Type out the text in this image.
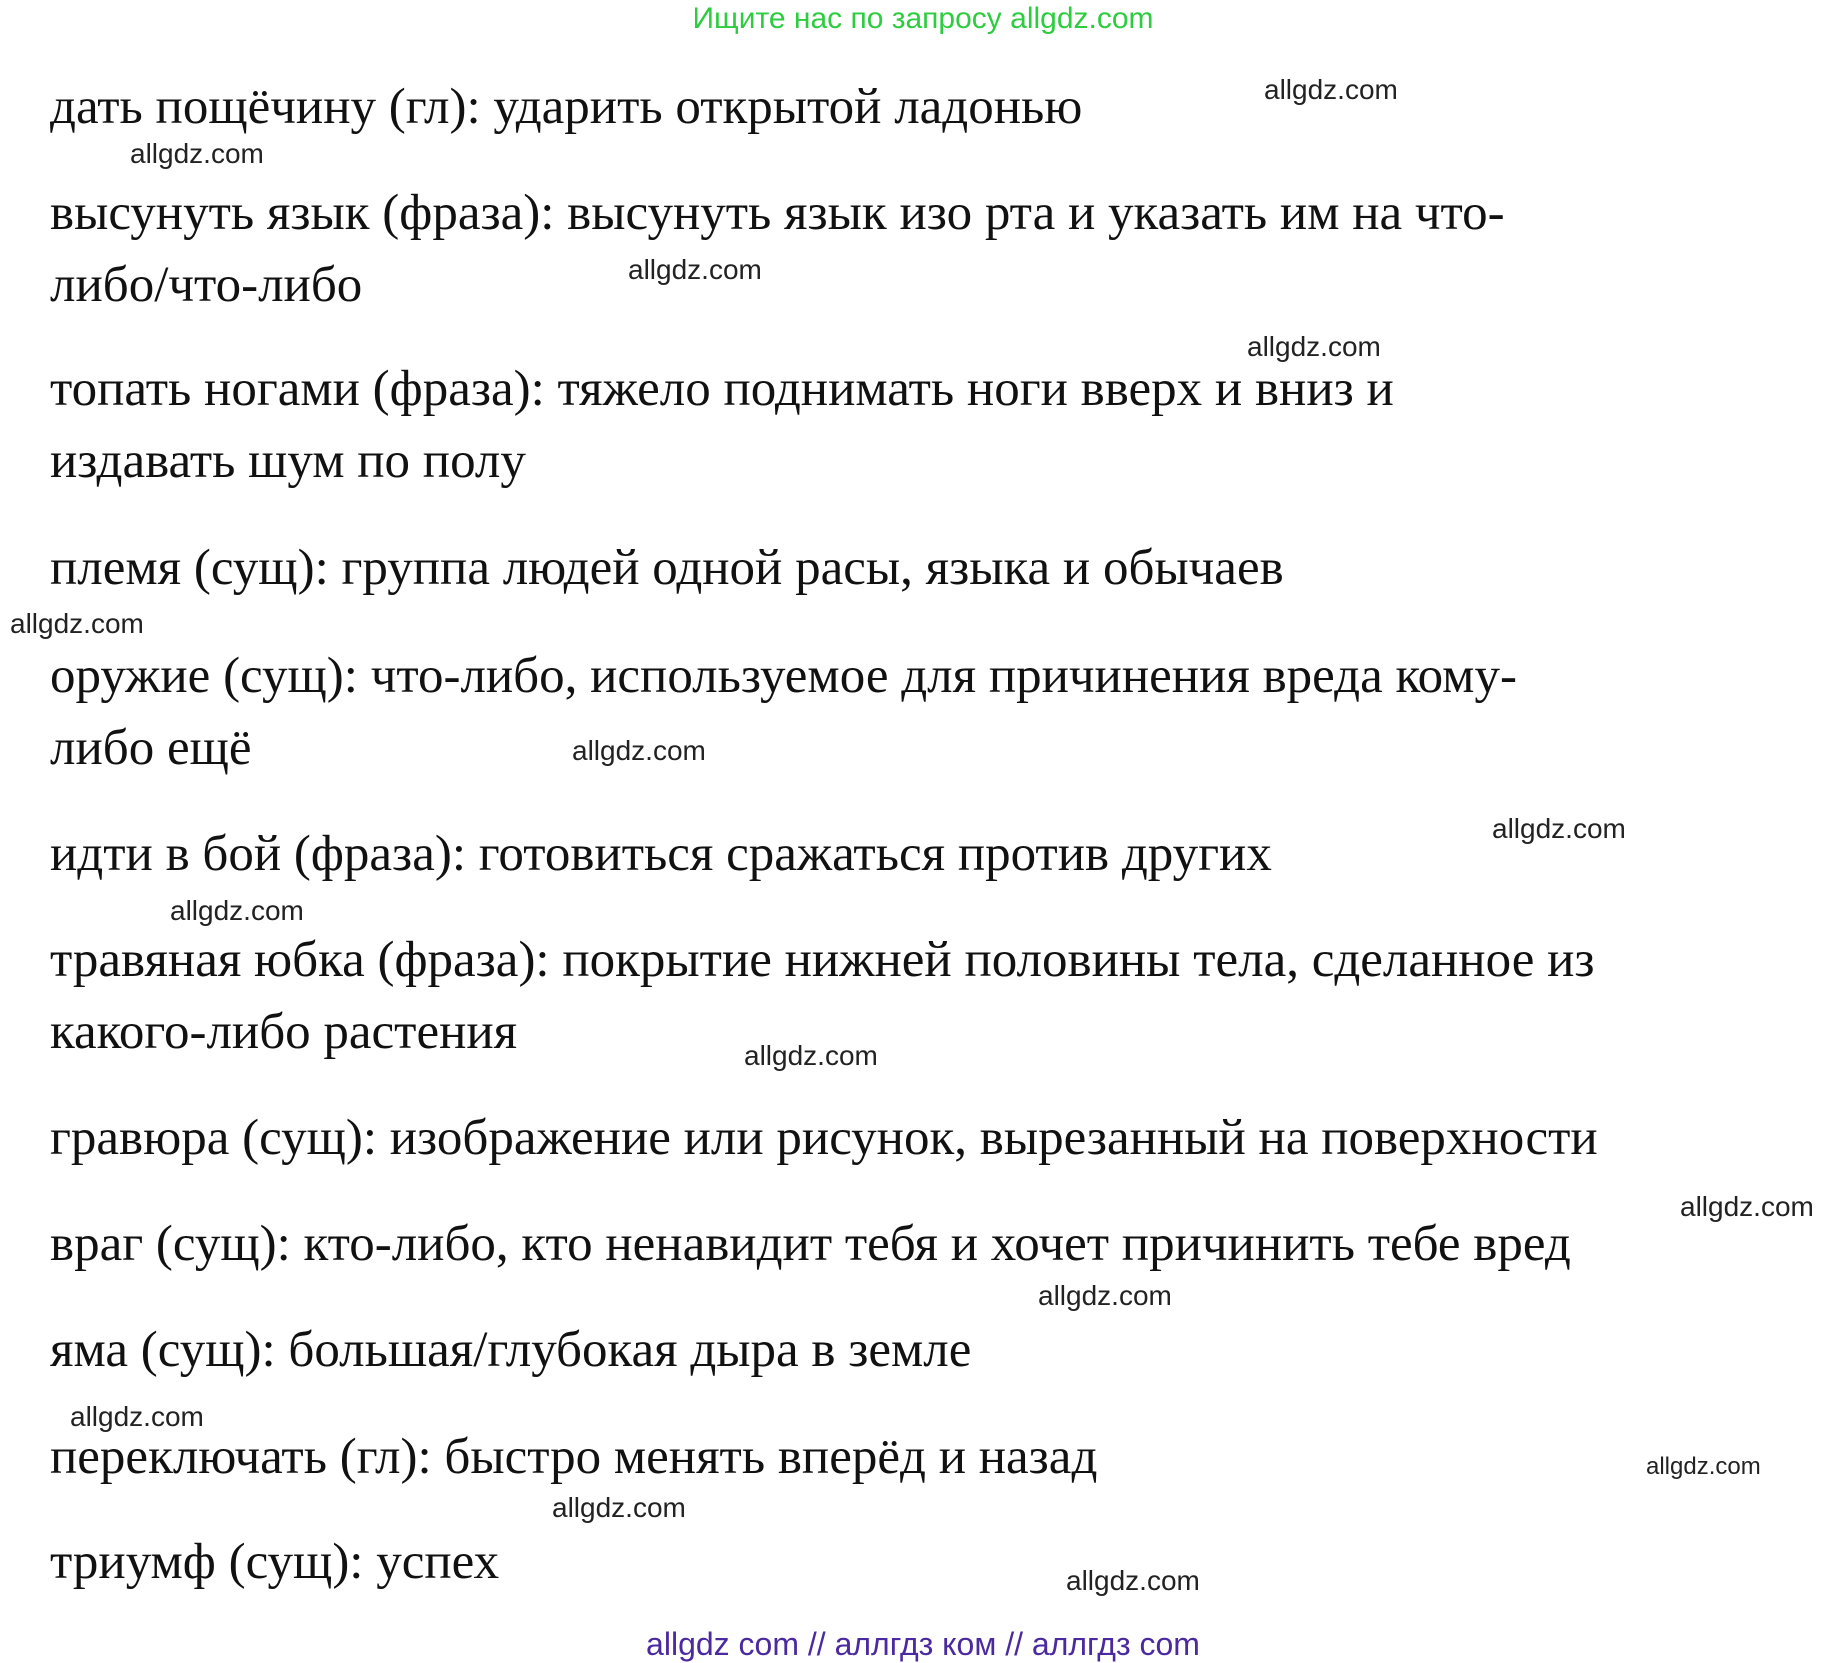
Ищите нас по запросу allgdz.com
дать пощёчину (гл): ударить открытой ладонью
высунуть язык (фраза): высунуть язык изо рта и указать им на что-
либо/что-либо
топать ногами (фраза): тяжело поднимать ноги вверх и вниз и
издавать шум по полу
племя (сущ): группа людей одной расы, языка и обычаев
оружие (сущ): что-либо, используемое для причинения вреда кому-
либо ещё
идти в бой (фраза): готовиться сражаться против других
травяная юбка (фраза): покрытие нижней половины тела, сделанное из
какого-либо растения
гравюра (сущ): изображение или рисунок, вырезанный на поверхности
враг (сущ): кто-либо, кто ненавидит тебя и хочет причинить тебе вред
яма (сущ): большая/глубокая дыра в земле
переключать (гл): быстро менять вперёд и назад
триумф (сущ): успех
allgdz.com
allgdz.com
allgdz.com
allgdz.com
allgdz.com
allgdz.com
allgdz.com
allgdz.com
allgdz.com
allgdz.com
allgdz.com
allgdz.com
allgdz.com
allgdz.com
allgdz.com
allgdz com // аллгдз ком // аллгдз com
